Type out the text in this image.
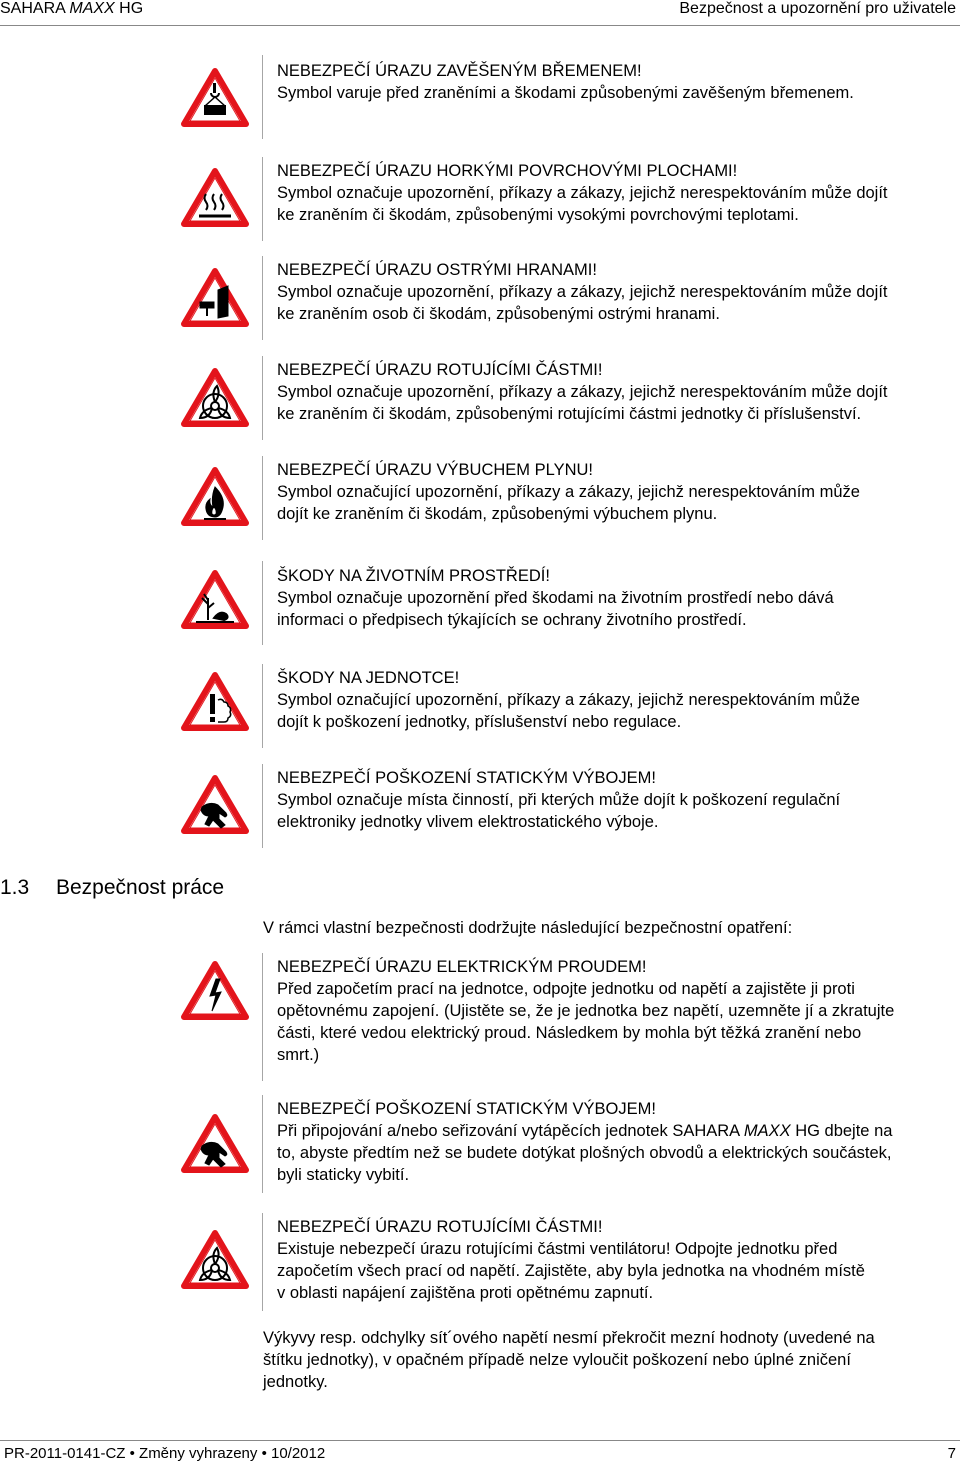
SAHARA MAXX HG	Bezpečnost a upozornění pro uživatele
NEBEZPEČÍ ÚRAZU ZAVĚŠENÝM BŘEMENEM!
Symbol varuje před zraněními a škodami způsobenými zavěšeným břemenem.
NEBEZPEČÍ ÚRAZU HORKÝMI POVRCHOVÝMI PLOCHAMI!
Symbol označuje upozornění, příkazy a zákazy, jejichž nerespektováním může dojít
ke zraněním či škodám, způsobenými vysokými povrchovými teplotami.
NEBEZPEČÍ ÚRAZU OSTRÝMI HRANAMI!
Symbol označuje upozornění, příkazy a zákazy, jejichž nerespektováním může dojít
ke zraněním osob či škodám, způsobenými ostrými hranami.
NEBEZPEČÍ ÚRAZU ROTUJÍCÍMI ČÁSTMI!
Symbol označuje upozornění, příkazy a zákazy, jejichž nerespektováním může dojít
ke zraněním či škodám, způsobenými rotujícími částmi jednotky či příslušenství.
NEBEZPEČÍ ÚRAZU VÝBUCHEM PLYNU!
Symbol označující upozornění, příkazy a zákazy, jejichž nerespektováním může
dojít ke zraněním či škodám, způsobenými výbuchem plynu.
ŠKODY NA ŽIVOTNÍM PROSTŘEDÍ!
Symbol označuje upozornění před škodami na životním prostředí nebo dává
informaci o předpisech týkajících se ochrany životního prostředí.
ŠKODY NA JEDNOTCE!
Symbol označující upozornění, příkazy a zákazy, jejichž nerespektováním může
dojít k poškození jednotky, příslušenství nebo regulace.
NEBEZPEČÍ POŠKOZENÍ STATICKÝM VÝBOJEM!
Symbol označuje místa činností, při kterých může dojít k poškození regulační
elektroniky jednotky vlivem elektrostatického výboje.
1.3 Bezpečnost práce
V rámci vlastní bezpečnosti dodržujte následující bezpečnostní opatření:
NEBEZPEČÍ ÚRAZU ELEKTRICKÝM PROUDEM!
Před započetím prací na jednotce, odpojte jednotku od napětí a zajistěte ji proti
opětovnému zapojení. (Ujistěte se, že je jednotka bez napětí, uzemněte jí a zkratujte
části, které vedou elektrický proud. Následkem by mohla být těžká zranění nebo
smrt.)
NEBEZPEČÍ POŠKOZENÍ STATICKÝM VÝBOJEM!
Při připojování a/nebo seřizování vytápěcích jednotek SAHARA MAXX HG dbejte na
to, abyste předtím než se budete dotýkat plošných obvodů a elektrických součástek,
byli staticky vybití.
NEBEZPEČÍ ÚRAZU ROTUJÍCÍMI ČÁSTMI!
Existuje nebezpečí úrazu rotujícími částmi ventilátoru! Odpojte jednotku před
započetím všech prací od napětí. Zajistěte, aby byla jednotka na vhodném místě
v oblasti napájení zajištěna proti opětnému zapnutí.
Výkyvy resp. odchylky sít´ového napětí nesmí překročit mezní hodnoty (uvedené na
štítku jednotky), v opačném případě nelze vyloučit poškození nebo úplné zničení
jednotky.
PR-2011-0141-CZ • Změny vyhrazeny • 10/2012	7
